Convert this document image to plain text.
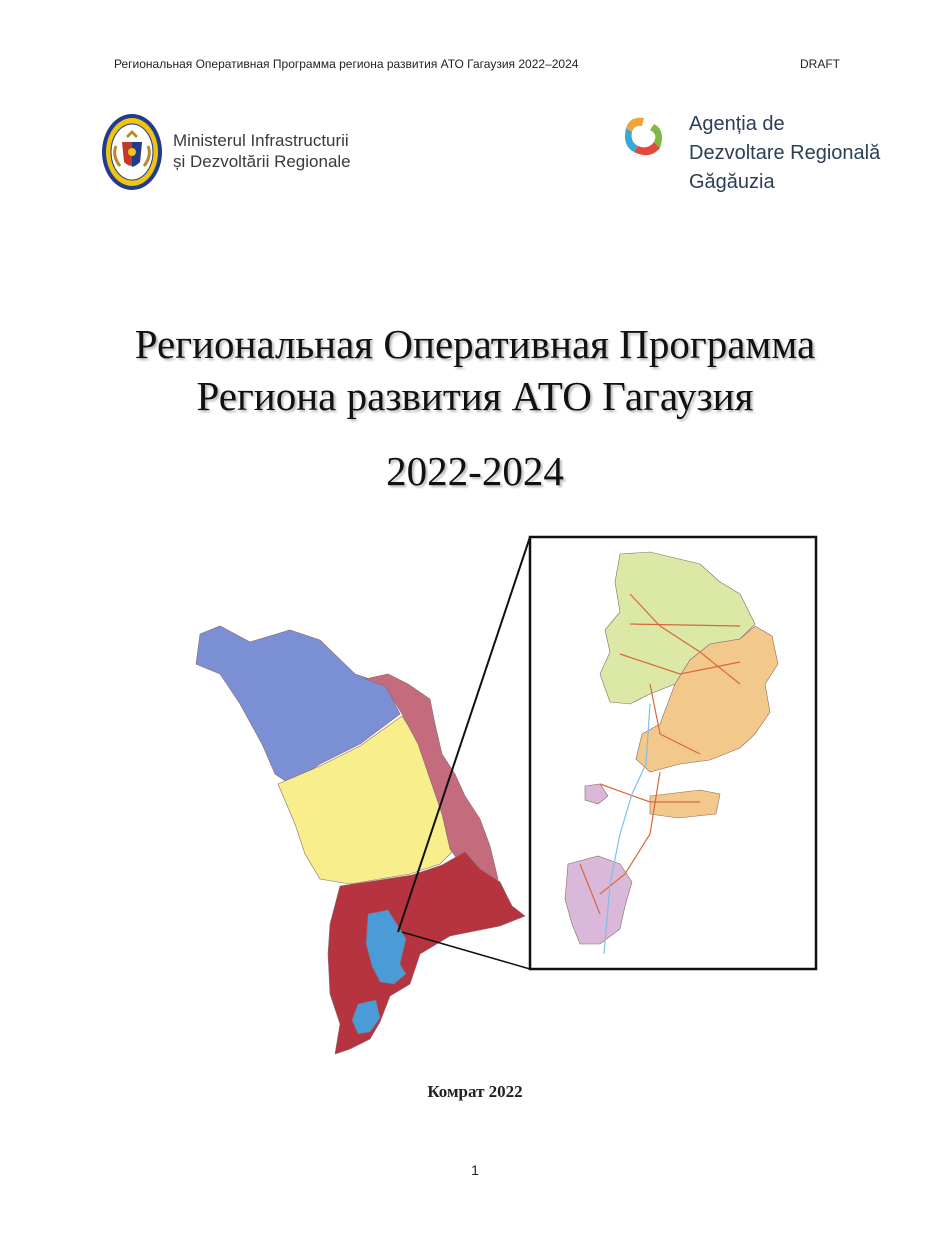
Региональная Оперативная Программа региона развития АТО Гагаузия 2022–2024	DRAFT
Ministerul Infrastructurii
și Dezvoltării Regionale
Agenția de
Dezvoltare Regională
Găgăuzia
Региональная Оперативная Программа
Региона развития АТО Гагаузия
2022-2024
Комрат 2022
1
